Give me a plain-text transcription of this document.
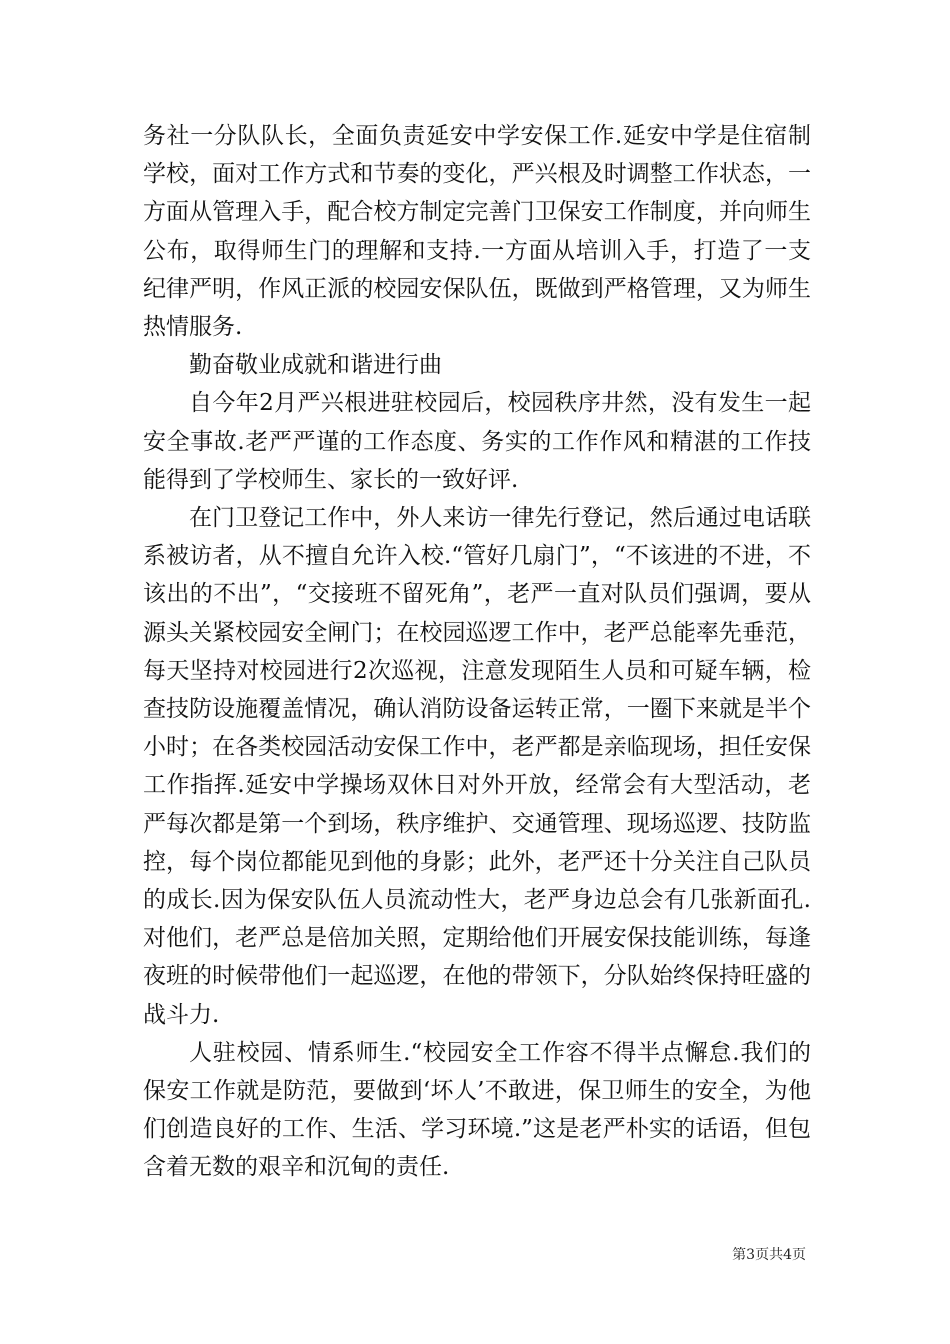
务社一分队队长，全面负责延安中学安保工作.延安中学是住宿制学校，面对工作方式和节奏的变化，严兴根及时调整工作状态，一方面从管理入手，配合校方制定完善门卫保安工作制度，并向师生公布，取得师生门的理解和支持.一方面从培训入手，打造了一支纪律严明，作风正派的校园安保队伍，既做到严格管理，又为师生热情服务.

勤奋敬业成就和谐进行曲

自今年2月严兴根进驻校园后，校园秩序井然，没有发生一起安全事故.老严严谨的工作态度、务实的工作作风和精湛的工作技能得到了学校师生、家长的一致好评.

在门卫登记工作中，外人来访一律先行登记，然后通过电话联系被访者，从不擅自允许入校.“管好几扇门”，“不该进的不进，不该出的不出”，“交接班不留死角”，老严一直对队员们强调，要从源头关紧校园安全闸门；在校园巡逻工作中，老严总能率先垂范，每天坚持对校园进行2次巡视，注意发现陌生人员和可疑车辆，检查技防设施覆盖情况，确认消防设备运转正常，一圈下来就是半个小时；在各类校园活动安保工作中，老严都是亲临现场，担任安保工作指挥.延安中学操场双休日对外开放，经常会有大型活动，老严每次都是第一个到场，秩序维护、交通管理、现场巡逻、技防监控，每个岗位都能见到他的身影；此外，老严还十分关注自己队员的成长.因为保安队伍人员流动性大，老严身边总会有几张新面孔.对他们，老严总是倍加关照，定期给他们开展安保技能训练，每逢夜班的时候带他们一起巡逻，在他的带领下，分队始终保持旺盛的战斗力.

人驻校园、情系师生.“校园安全工作容不得半点懈怠.我们的保安工作就是防范，要做到‘坏人’不敢进，保卫师生的安全，为他们创造良好的工作、生活、学习环境.”这是老严朴实的话语，但包含着无数的艰辛和沉甸的责任.

第3页共4页
